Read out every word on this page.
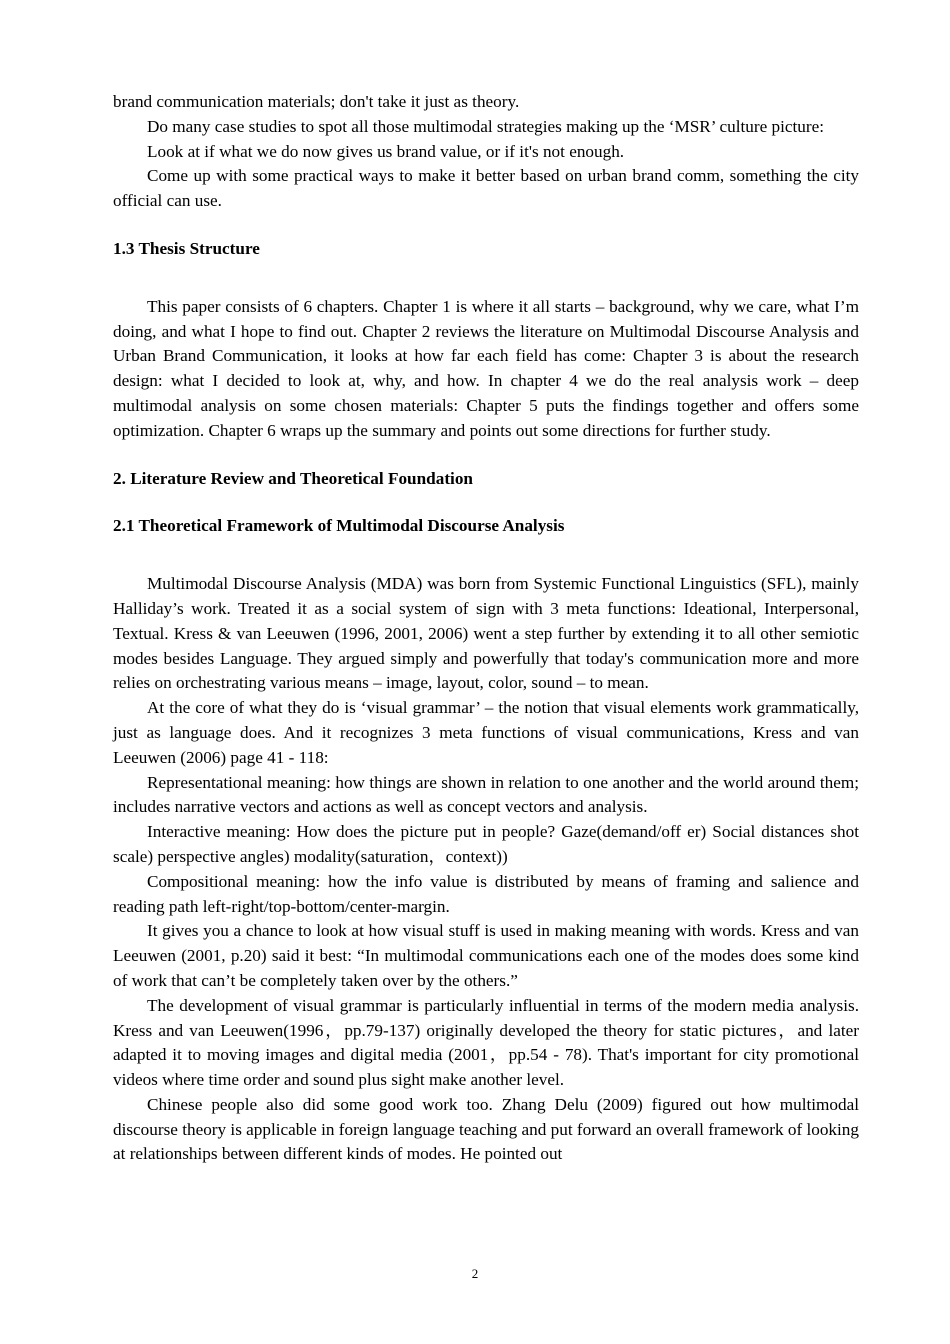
brand communication materials; don't take it just as theory.

Do many case studies to spot all those multimodal strategies making up the ‘MSR’ culture picture:

Look at if what we do now gives us brand value, or if it's not enough.

Come up with some practical ways to make it better based on urban brand comm, something the city official can use.

1.3 Thesis Structure

This paper consists of 6 chapters. Chapter 1 is where it all starts – background, why we care, what I’m doing, and what I hope to find out. Chapter 2 reviews the literature on Multimodal Discourse Analysis and Urban Brand Communication, it looks at how far each field has come: Chapter 3 is about the research design: what I decided to look at, why, and how. In chapter 4 we do the real analysis work – deep multimodal analysis on some chosen materials: Chapter 5 puts the findings together and offers some optimization. Chapter 6 wraps up the summary and points out some directions for further study.

2. Literature Review and Theoretical Foundation
2.1 Theoretical Framework of Multimodal Discourse Analysis

Multimodal Discourse Analysis (MDA) was born from Systemic Functional Linguistics (SFL), mainly Halliday’s work. Treated it as a social system of sign with 3 meta functions: Ideational, Interpersonal, Textual. Kress & van Leeuwen (1996, 2001, 2006) went a step further by extending it to all other semiotic modes besides Language. They argued simply and powerfully that today's communication more and more relies on orchestrating various means – image, layout, color, sound – to mean.

At the core of what they do is ‘visual grammar’ – the notion that visual elements work grammatically, just as language does. And it recognizes 3 meta functions of visual communications, Kress and van Leeuwen (2006) page 41 - 118:

Representational meaning: how things are shown in relation to one another and the world around them; includes narrative vectors and actions as well as concept vectors and analysis.

Interactive meaning: How does the picture put in people? Gaze(demand/off er) Social distances shot scale) perspective angles) modality(saturation，context))

Compositional meaning: how the info value is distributed by means of framing and salience and reading path left-right/top-bottom/center-margin.

It gives you a chance to look at how visual stuff is used in making meaning with words. Kress and van Leeuwen (2001, p.20) said it best: “In multimodal communications each one of the modes does some kind of work that can’t be completely taken over by the others.”

The development of visual grammar is particularly influential in terms of the modern media analysis. Kress and van Leeuwen(1996，pp.79-137) originally developed the theory for static pictures，and later adapted it to moving images and digital media (2001，pp.54 - 78). That's important for city promotional videos where time order and sound plus sight make another level.

Chinese people also did some good work too. Zhang Delu (2009) figured out how multimodal discourse theory is applicable in foreign language teaching and put forward an overall framework of looking at relationships between different kinds of modes. He pointed out

2
